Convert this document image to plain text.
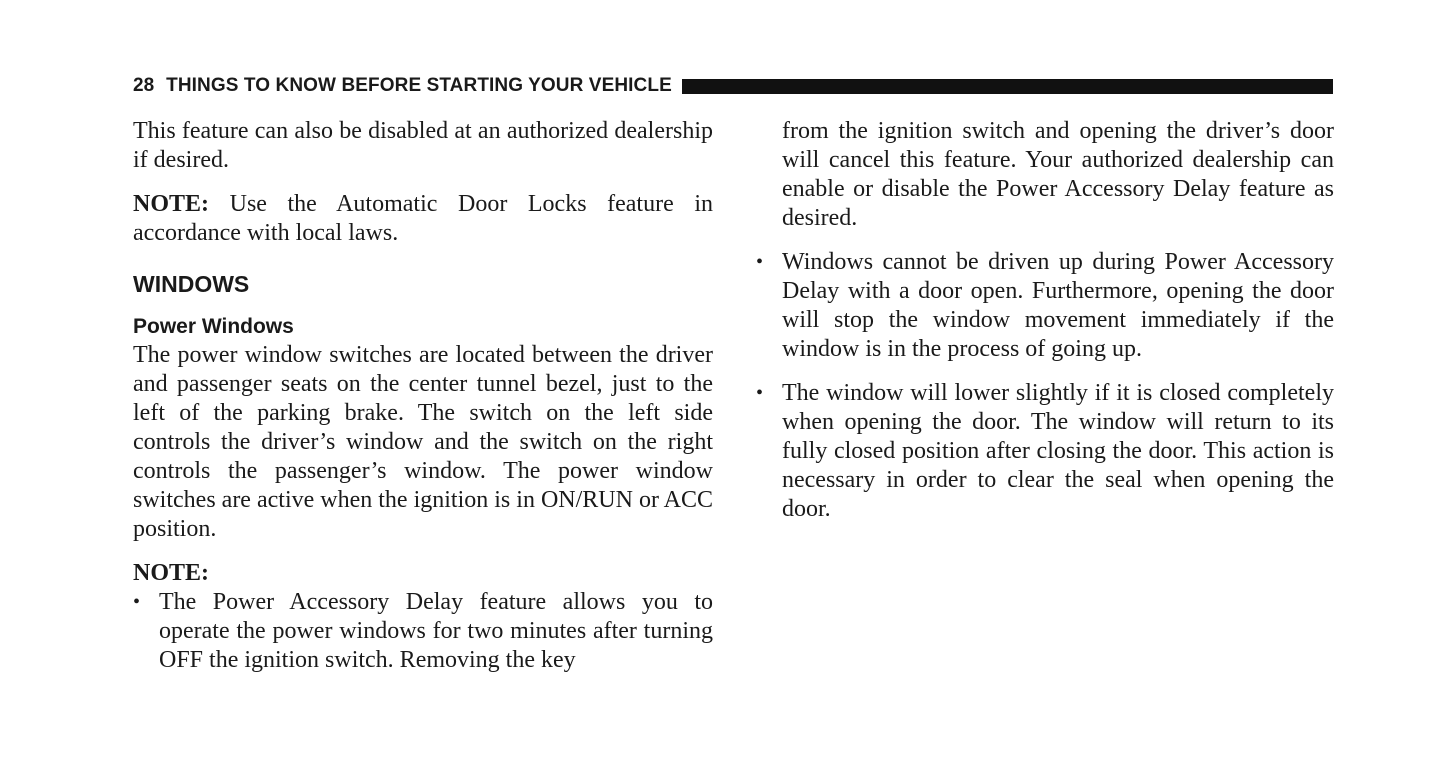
28 THINGS TO KNOW BEFORE STARTING YOUR VEHICLE

This feature can also be disabled at an authorized dealership if desired.

NOTE: Use the Automatic Door Locks feature in accordance with local laws.

WINDOWS
Power Windows

The power window switches are located between the driver and passenger seats on the center tunnel bezel, just to the left of the parking brake. The switch on the left side controls the driver’s window and the switch on the right controls the passenger’s window. The power window switches are active when the ignition is in ON/RUN or ACC position.

NOTE:
• The Power Accessory Delay feature allows you to operate the power windows for two minutes after turning OFF the ignition switch. Removing the key

from the ignition switch and opening the driver’s door will cancel this feature. Your authorized dealership can enable or disable the Power Accessory Delay feature as desired.

• Windows cannot be driven up during Power Accessory Delay with a door open. Furthermore, opening the door will stop the window movement immediately if the window is in the process of going up.
• The window will lower slightly if it is closed completely when opening the door. The window will return to its fully closed position after closing the door. This action is necessary in order to clear the seal when opening the door.
